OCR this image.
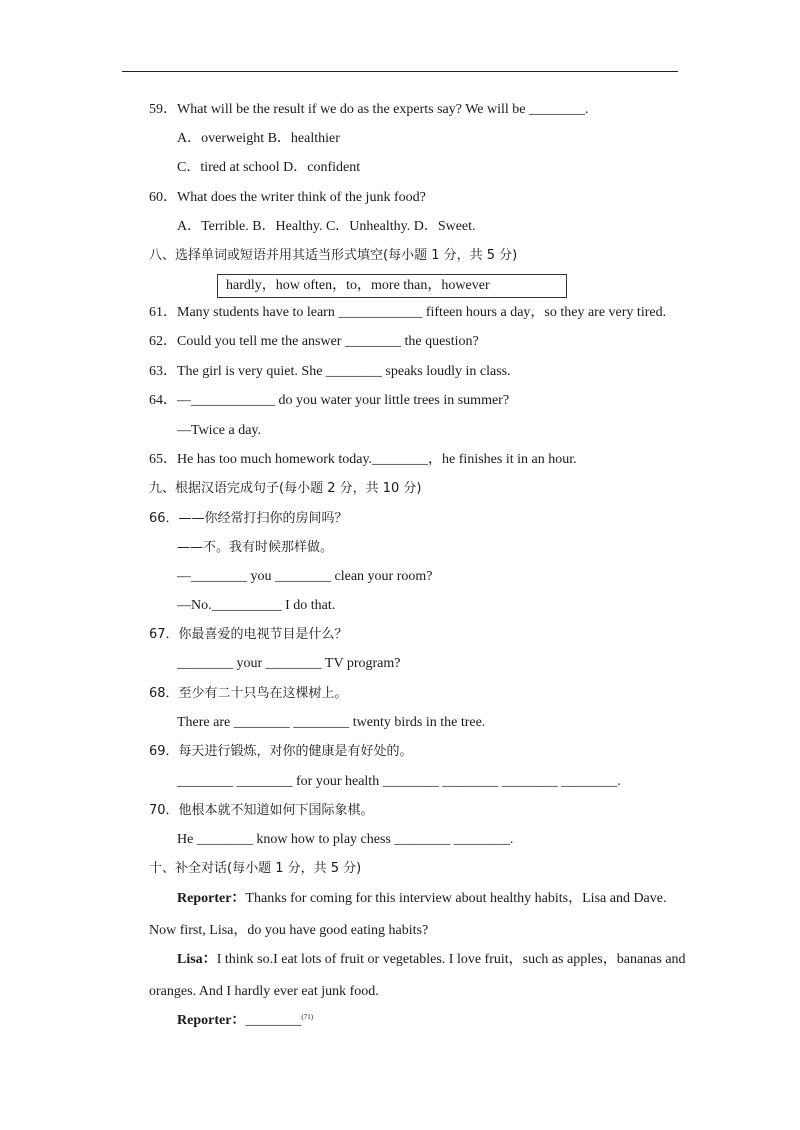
59．What will be the result if we do as the experts say? We will be ________.
A．overweight B．healthier
C．tired at school D．confident
60．What does the writer think of the junk food?
A．Terrible. B．Healthy. C．Unhealthy. D．Sweet.
八、选择单词或短语并用其适当形式填空(每小题 1 分，共 5 分)
hardly，how often，to，more than，however
61．Many students have to learn ____________ fifteen hours a day，so they are very tired.
62．Could you tell me the answer ________ the question?
63．The girl is very quiet. She ________ speaks loudly in class.
64．—____________ do you water your little trees in summer?
—Twice a day.
65．He has too much homework today.________，he finishes it in an hour.
九、根据汉语完成句子(每小题 2 分，共 10 分)
66．——你经常打扫你的房间吗？
——不。我有时候那样做。
—________ you ________ clean your room?
—No.__________ I do that.
67．你最喜爱的电视节目是什么？
________ your ________ TV program?
68．至少有二十只鸟在这棵树上。
There are ________ ________ twenty birds in the tree.
69．每天进行锻炼，对你的健康是有好处的。
________ ________ for your health ________ ________ ________ ________.
70．他根本就不知道如何下国际象棋。
He ________ know how to play chess ________ ________.
十、补全对话(每小题 1 分，共 5 分)
Reporter：Thanks for coming for this interview about healthy habits，Lisa and Dave.
Now first, Lisa，do you have good eating habits?
Lisa：I think so.I eat lots of fruit or vegetables. I love fruit，such as apples，bananas and
oranges. And I hardly ever eat junk food.
Reporter：________$^{(71)}$
